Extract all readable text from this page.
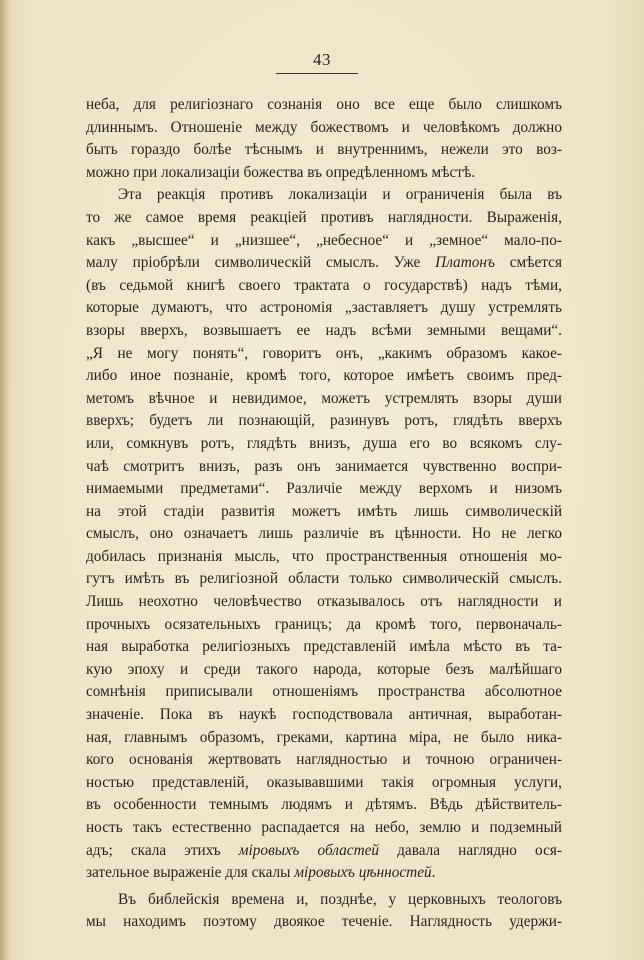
43
неба, для религіознаго сознанія оно все еще было слишкомъ
длиннымъ. Отношеніе между божествомъ и человѣкомъ должно
быть гораздо болѣе тѣснымъ и внутреннимъ, нежели это воз-
можно при локализаціи божества въ опредѣленномъ мѣстѣ.
Эта реакція противъ локализаціи и ограниченія была въ
то же самое время реакціей противъ наглядности. Выраженія,
какъ „высшее“ и „низшее“, „небесное“ и „земное“ мало-по-
малу пріобрѣли символическій смыслъ. Уже Платонъ смѣется
(въ седьмой книгѣ своего трактата о государствѣ) надъ тѣми,
которые думаютъ, что астрономія „заставляетъ душу устремлять
взоры вверхъ, возвышаетъ ее надъ всѣми земными вещами“.
„Я не могу понять“, говоритъ онъ, „какимъ образомъ какое-
либо иное познаніе, кромѣ того, которое имѣетъ своимъ пред-
метомъ вѣчное и невидимое, можетъ устремлять взоры души
вверхъ; будетъ ли познающій, разинувъ ротъ, глядѣть вверхъ
или, сомкнувъ ротъ, глядѣть внизъ, душа его во всякомъ слу-
чаѣ смотритъ внизъ, разъ онъ занимается чувственно воспри-
нимаемыми предметами“. Различіе между верхомъ и низомъ
на этой стадіи развитія можетъ имѣть лишь символическій
смыслъ, оно означаетъ лишь различіе въ цѣнности. Но не легко
добилась признанія мысль, что пространственныя отношенія мо-
гутъ имѣть въ религіозной области только символическій смыслъ.
Лишь неохотно человѣчество отказывалось отъ наглядности и
прочныхъ осязательныхъ границъ; да кромѣ того, первоначаль-
ная выработка религіозныхъ представленій имѣла мѣсто въ та-
кую эпоху и среди такого народа, которые безъ малѣйшаго
сомнѣнія приписывали отношеніямъ пространства абсолютное
значеніе. Пока въ наукѣ господствовала античная, выработан-
ная, главнымъ образомъ, греками, картина міра, не было ника-
кого основанія жертвовать наглядностью и точною ограничен-
ностью представленій, оказывавшими такія огромныя услуги,
въ особенности темнымъ людямъ и дѣтямъ. Вѣдь дѣйствитель-
ность такъ естественно распадается на небо, землю и подземный
адъ; скала этихъ міровыхъ областей давала наглядно ося-
зательное выраженіе для скалы міровыхъ цѣнностей.
Въ библейскія времена и, позднѣе, у церковныхъ теологовъ
мы находимъ поэтому двоякое теченіе. Наглядность удержи-
